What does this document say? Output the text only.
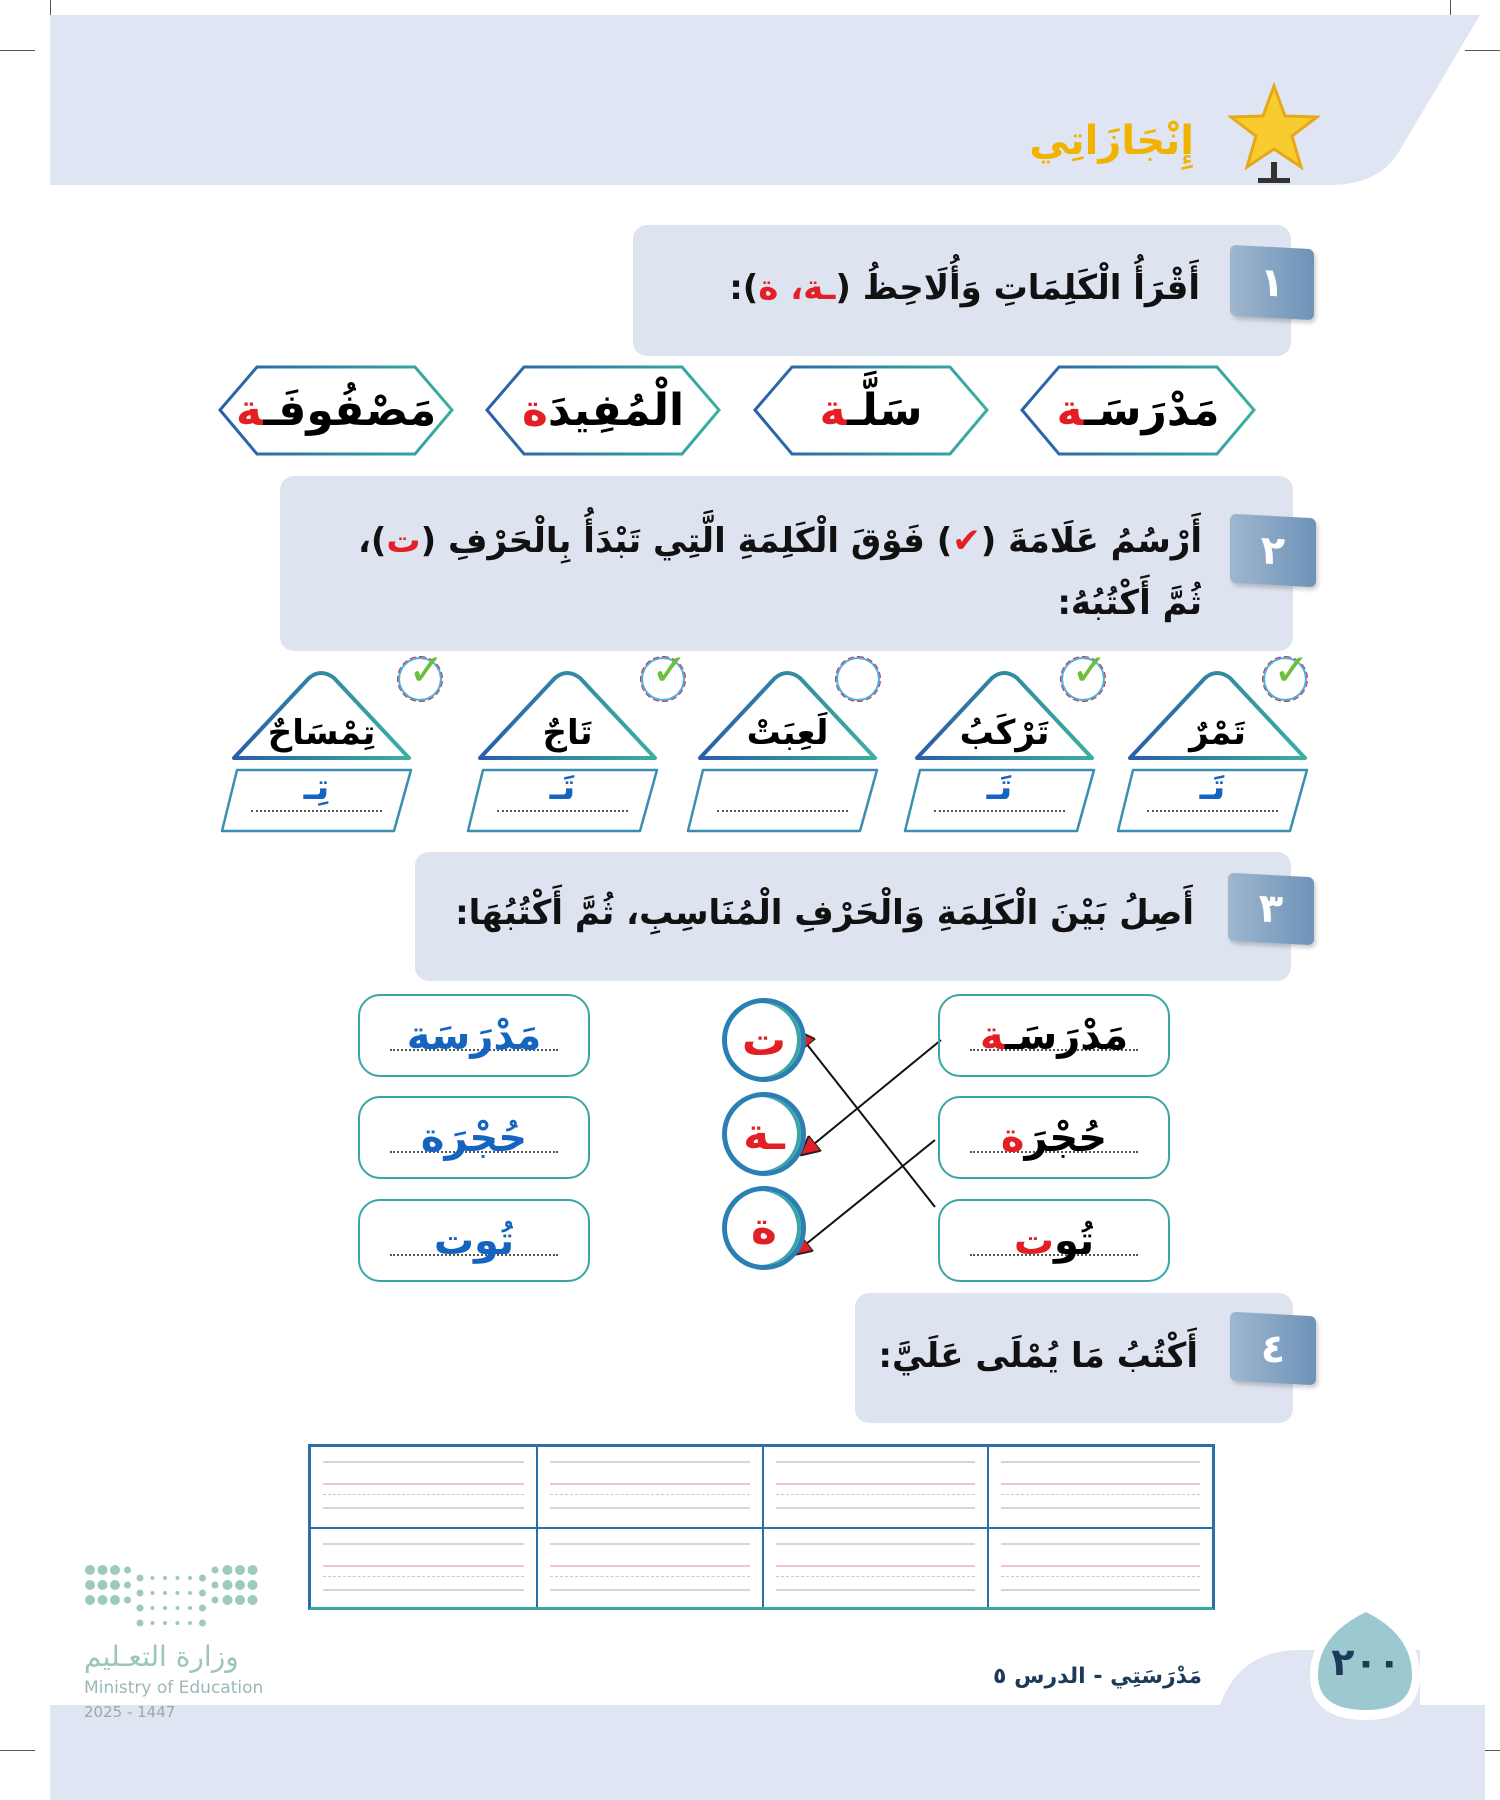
إِنْجَازَاتِي
١
أَقْرَأُ الْكَلِمَاتِ وَأُلَاحِظُ (ـة، ة):
مَدْرَسَـة
سَلَّـة
الْمُفِيدَة
مَصْفُوفَـة
٢
أَرْسُمُ عَلَامَةَ (✔) فَوْقَ الْكَلِمَةِ الَّتِي تَبْدَأُ بِالْحَرْفِ (ت)،
ثُمَّ أَكْتُبُهُ:
تَمْرٌ
تَـ
✓
تَرْكَبُ
تَـ
✓
لَعِبَتْ
تَاجٌ
تَـ
✓
تِمْسَاحٌ
تِـ
✓
٣
أَصِلُ بَيْنَ الْكَلِمَةِ وَالْحَرْفِ الْمُنَاسِبِ، ثُمَّ أَكْتُبُهَا:
مَدْرَسَـة
ت
مَدْرَسَة
حُجْرَة
ـة
حُجْرَة
تُوت
ة
تُوت
٤
أَكْتُبُ مَا يُمْلَى عَلَيَّ:
٢٠٠
مَدْرَسَتِي - الدرس ٥
وزارة التعـليم
Ministry of Education
2025 - 1447
